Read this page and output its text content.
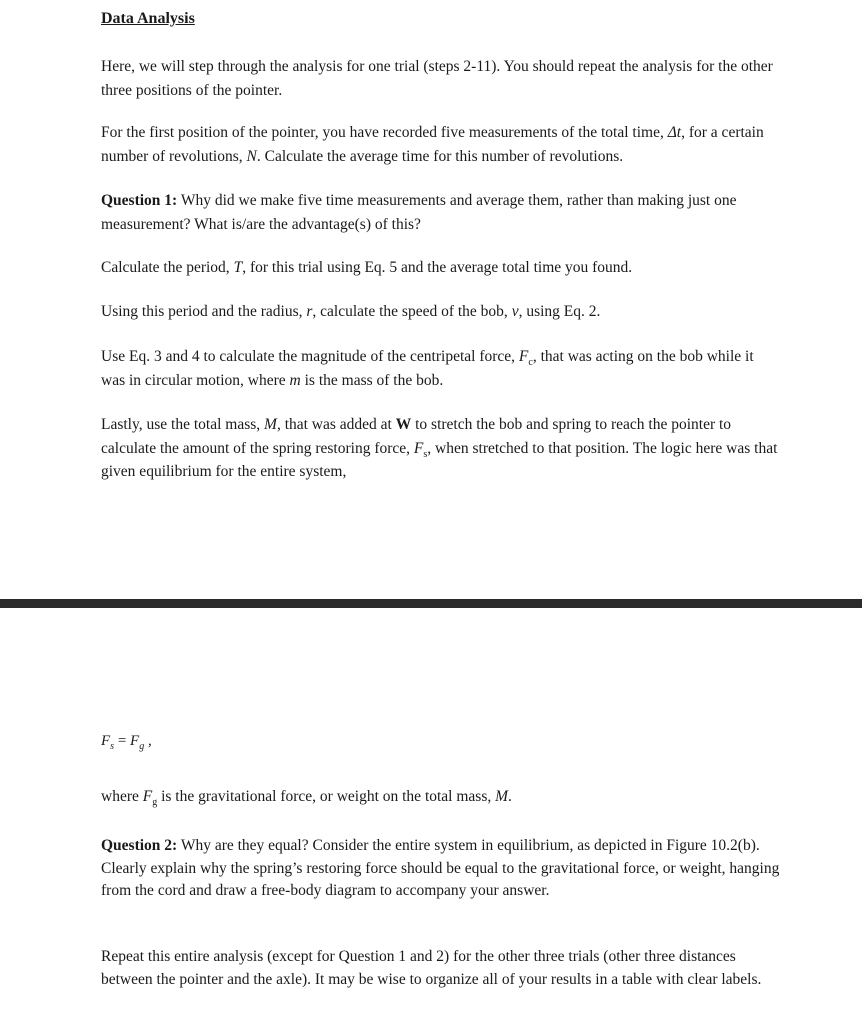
Data Analysis

Here, we will step through the analysis for one trial (steps 2-11). You should repeat the analysis for the other three positions of the pointer.

For the first position of the pointer, you have recorded five measurements of the total time, Δt, for a certain number of revolutions, N. Calculate the average time for this number of revolutions.

Question 1: Why did we make five time measurements and average them, rather than making just one measurement? What is/are the advantage(s) of this?

Calculate the period, T, for this trial using Eq. 5 and the average total time you found.

Using this period and the radius, r, calculate the speed of the bob, v, using Eq. 2.

Use Eq. 3 and 4 to calculate the magnitude of the centripetal force, $F_c$, that was acting on the bob while it was in circular motion, where m is the mass of the bob.

Lastly, use the total mass, M, that was added at W to stretch the bob and spring to reach the pointer to calculate the amount of the spring restoring force, $F_s$, when stretched to that position. The logic here was that given equilibrium for the entire system,

$F_s = F_g$ ,

where $F_g$ is the gravitational force, or weight on the total mass, M.

Question 2: Why are they equal? Consider the entire system in equilibrium, as depicted in Figure 10.2(b). Clearly explain why the spring’s restoring force should be equal to the gravitational force, or weight, hanging from the cord and draw a free-body diagram to accompany your answer.

Repeat this entire analysis (except for Question 1 and 2) for the other three trials (other three distances between the pointer and the axle). It may be wise to organize all of your results in a table with clear labels.
